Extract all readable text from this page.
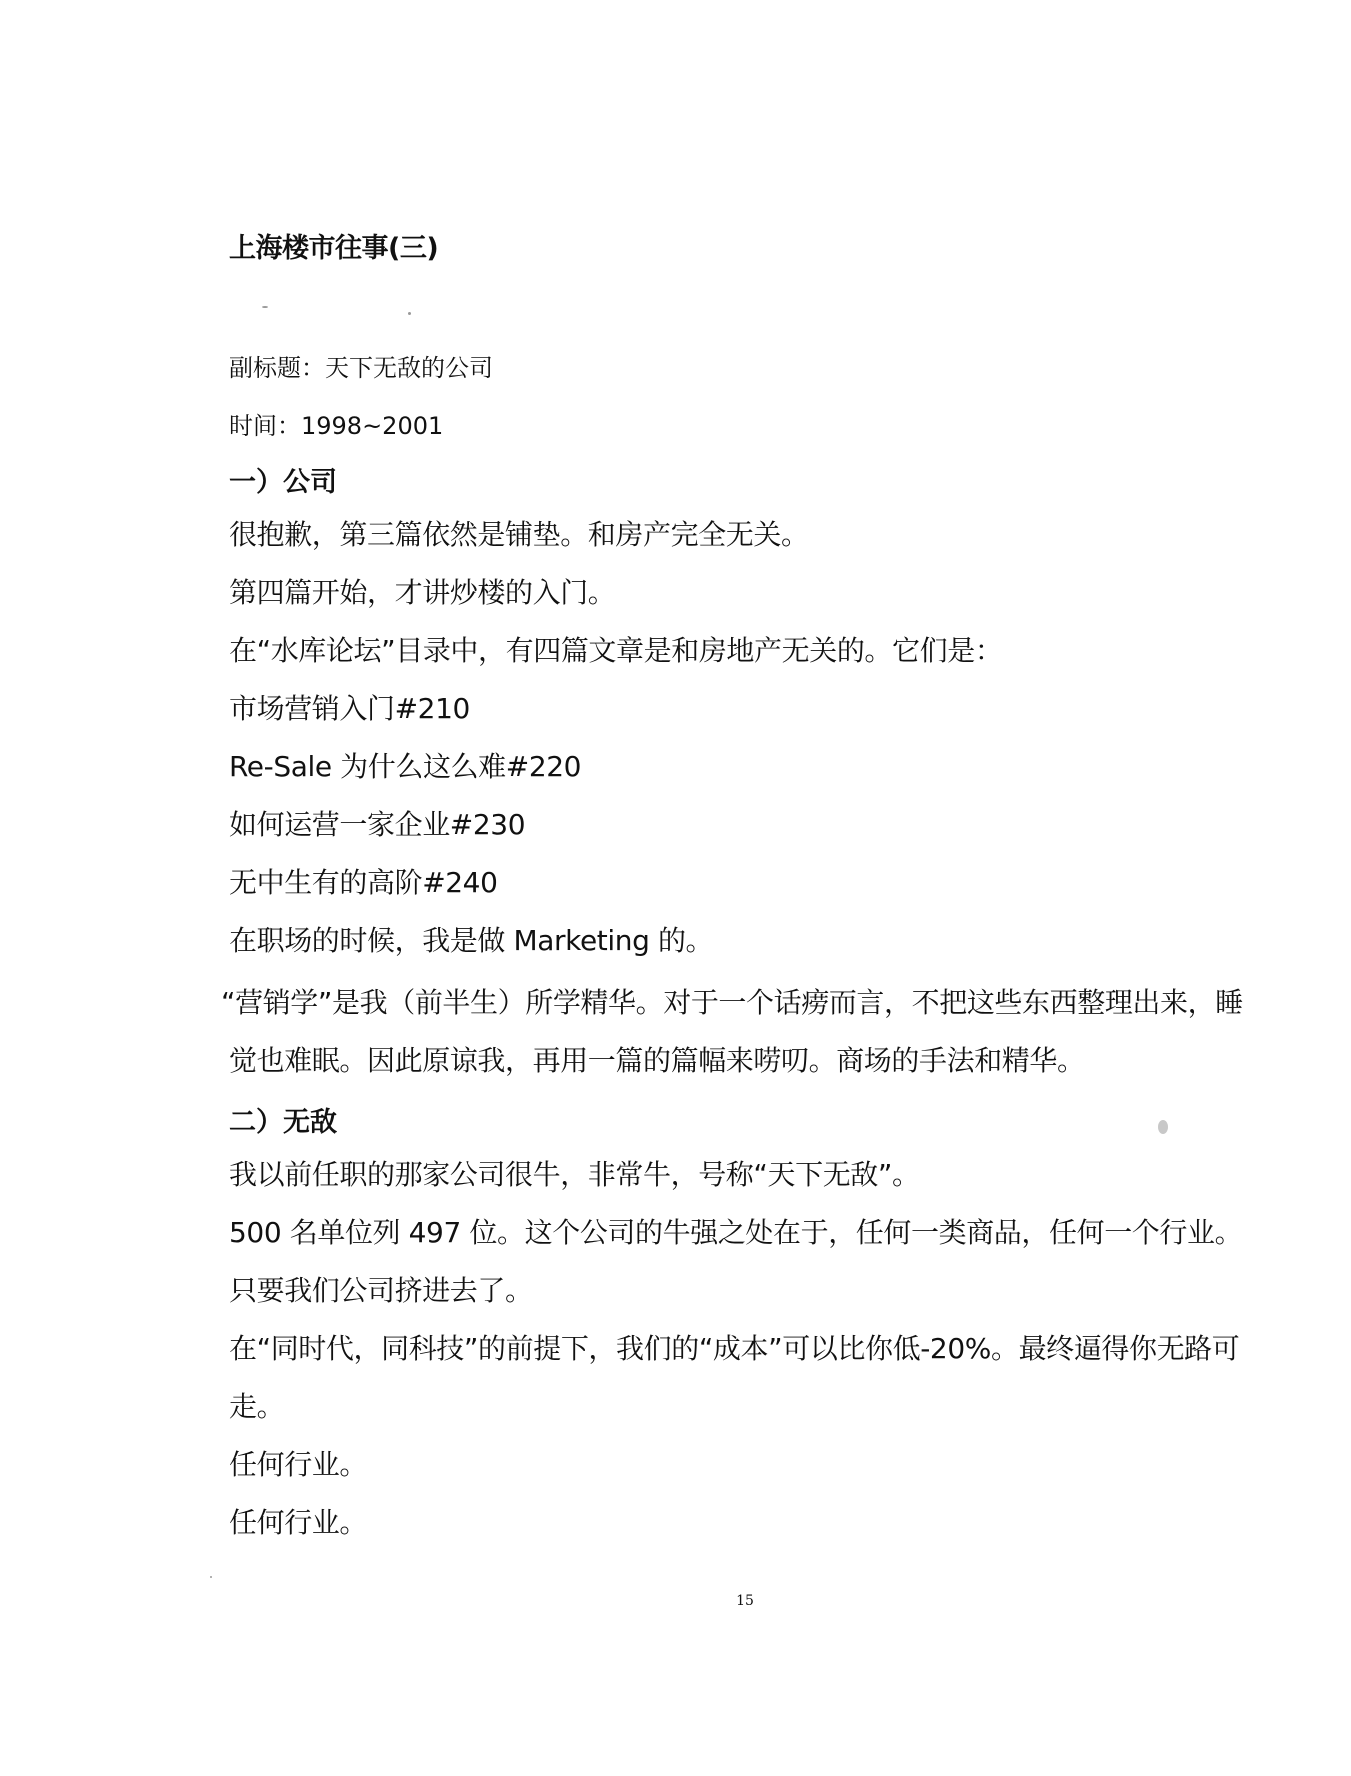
上海楼市往事(三)
副标题：天下无敌的公司
时间：1998~2001
一）公司
很抱歉，第三篇依然是铺垫。和房产完全无关。
第四篇开始，才讲炒楼的入门。
在“水库论坛”目录中，有四篇文章是和房地产无关的。它们是：
市场营销入门#210
Re-Sale 为什么这么难#220
如何运营一家企业#230
无中生有的高阶#240
在职场的时候，我是做 Marketing 的。
“营销学”是我（前半生）所学精华。对于一个话痨而言，不把这些东西整理出来，睡觉也难眠。因此原谅我，再用一篇的篇幅来唠叨。商场的手法和精华。
二）无敌
我以前任职的那家公司很牛，非常牛，号称“天下无敌”。
500 名单位列 497 位。这个公司的牛强之处在于，任何一类商品，任何一个行业。只要我们公司挤进去了。
在“同时代，同科技”的前提下，我们的“成本”可以比你低-20%。最终逼得你无路可走。
任何行业。
任何行业。
15
